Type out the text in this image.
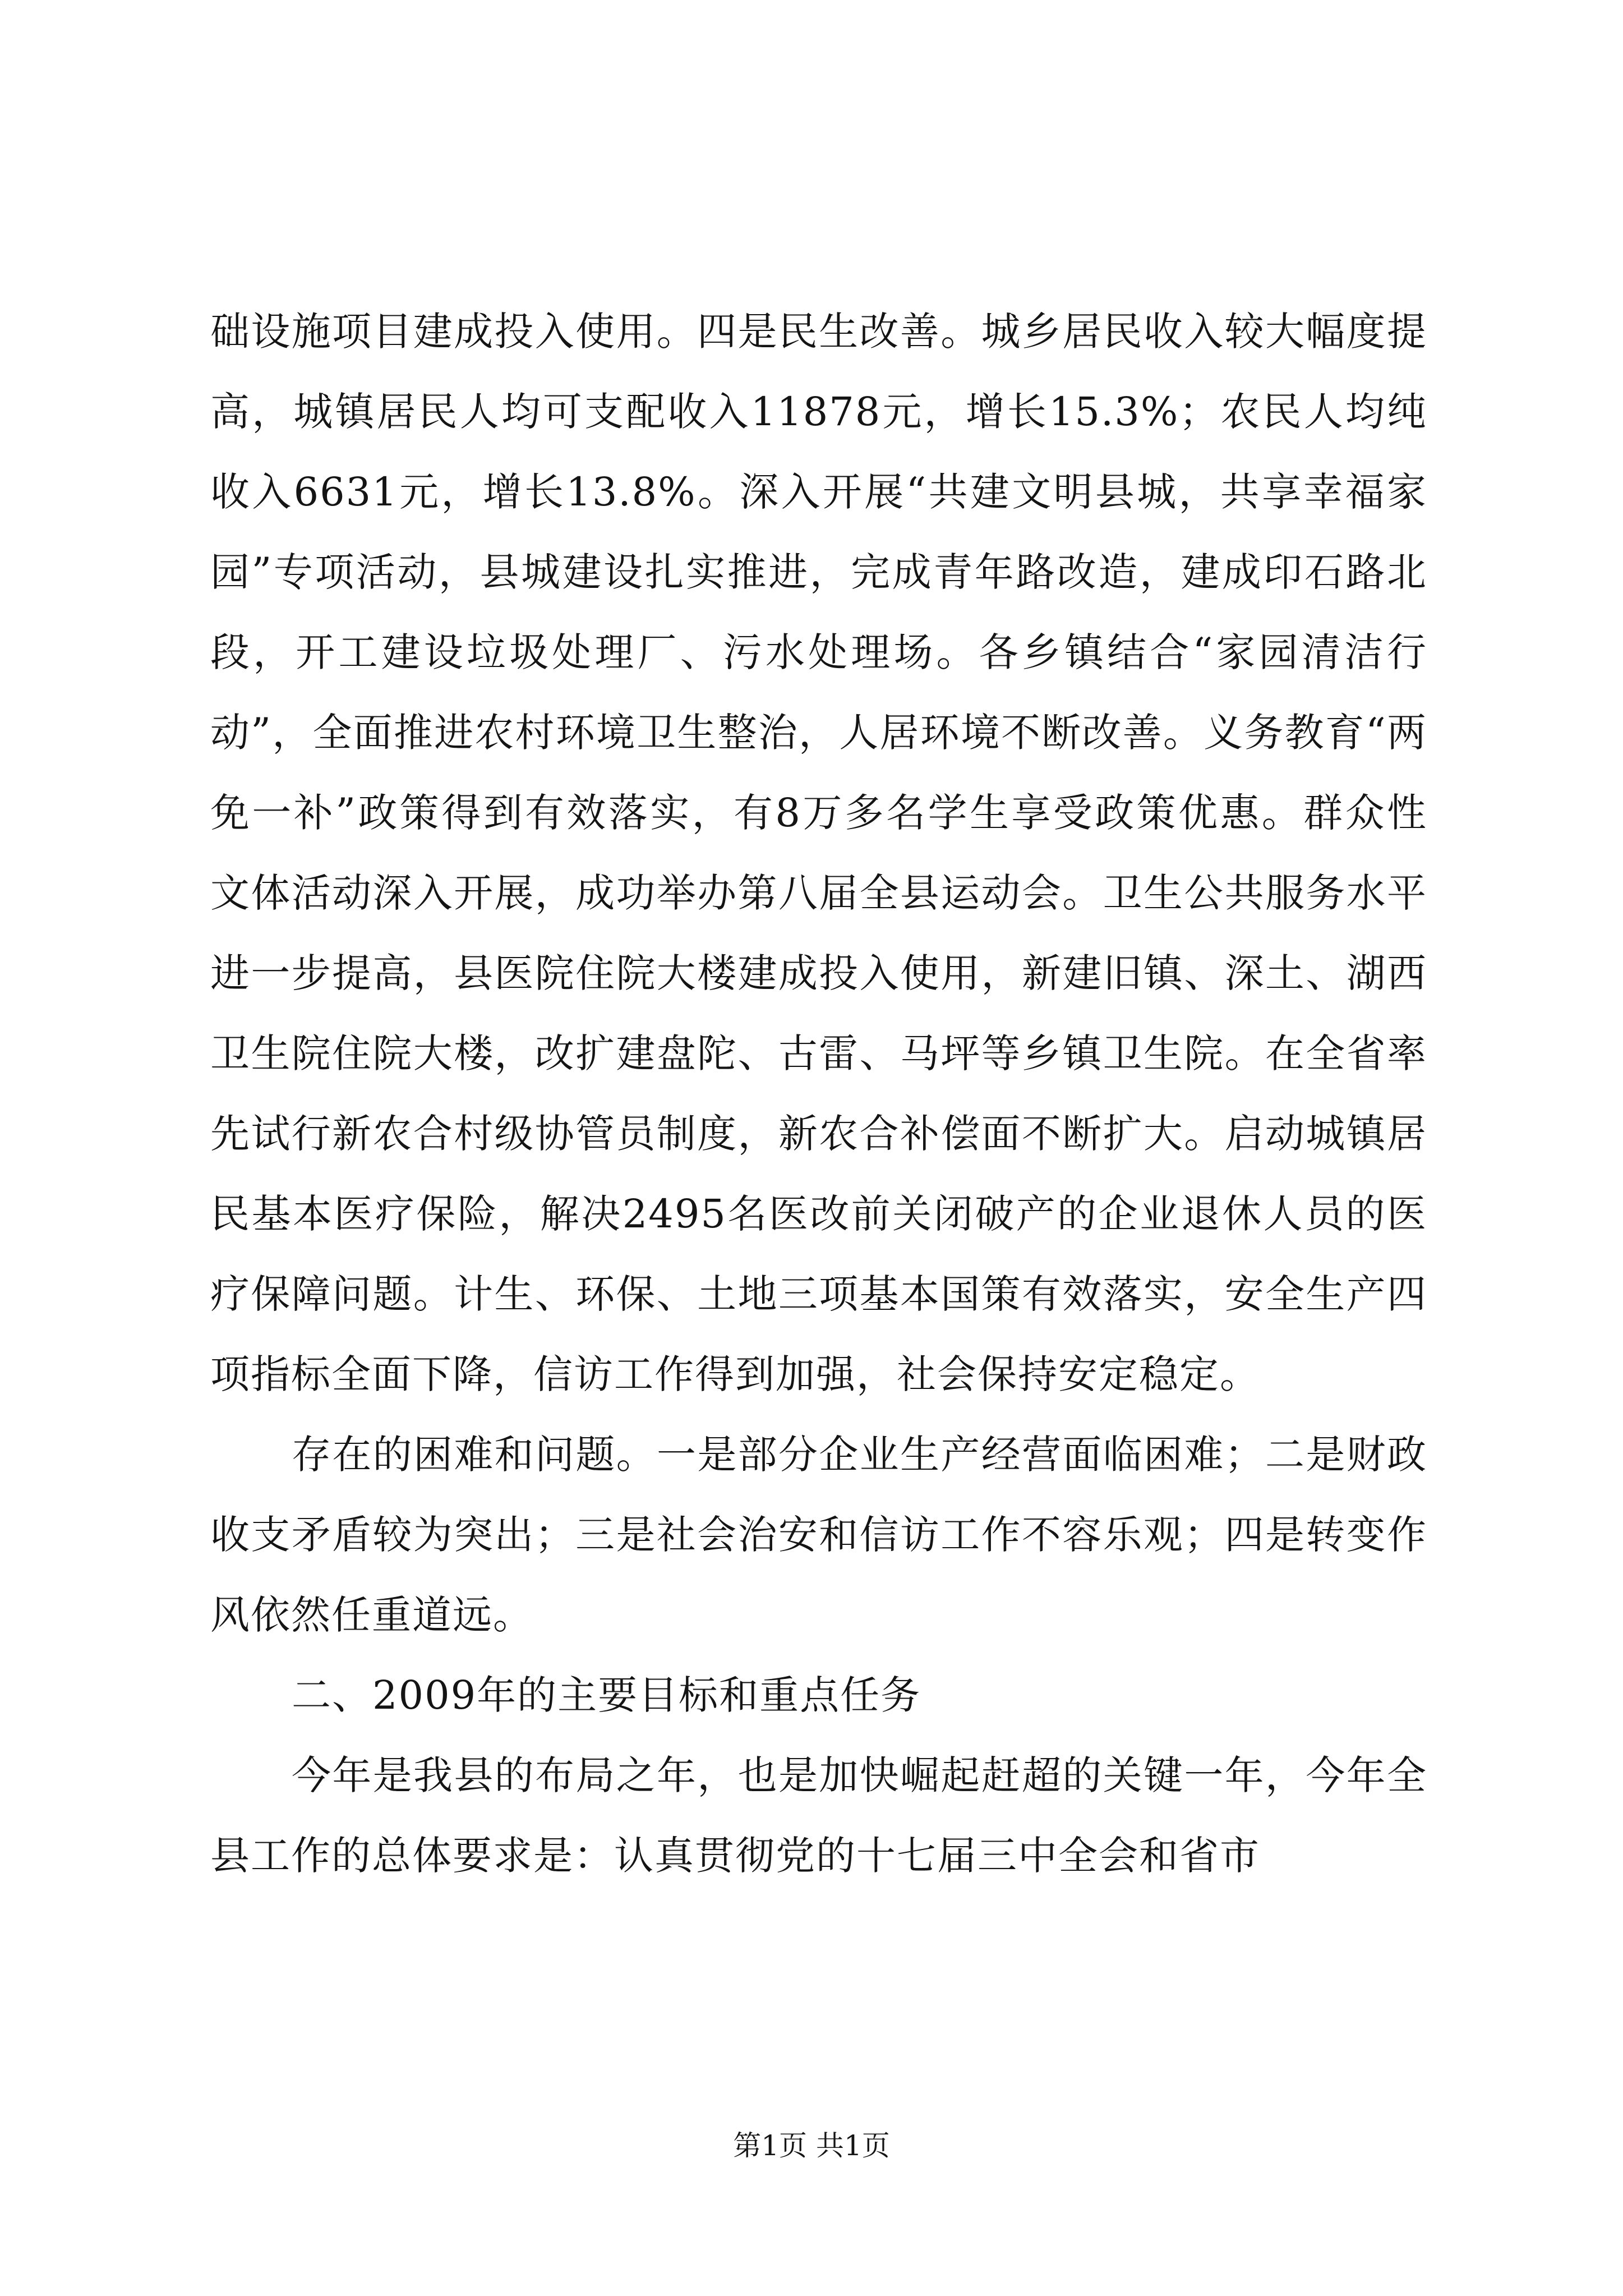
础设施项目建成投入使用。四是民生改善。城乡居民收入较大幅度提高，城镇居民人均可支配收入11878元，增长15.3%；农民人均纯收入6631元，增长13.8%。深入开展“共建文明县城，共享幸福家园”专项活动，县城建设扎实推进，完成青年路改造，建成印石路北段，开工建设垃圾处理厂、污水处理场。各乡镇结合“家园清洁行动”，全面推进农村环境卫生整治，人居环境不断改善。义务教育“两免一补”政策得到有效落实，有8万多名学生享受政策优惠。群众性文体活动深入开展，成功举办第八届全县运动会。卫生公共服务水平进一步提高，县医院住院大楼建成投入使用，新建旧镇、深土、湖西卫生院住院大楼，改扩建盘陀、古雷、马坪等乡镇卫生院。在全省率先试行新农合村级协管员制度，新农合补偿面不断扩大。启动城镇居民基本医疗保险，解决2495名医改前关闭破产的企业退休人员的医疗保障问题。计生、环保、土地三项基本国策有效落实，安全生产四项指标全面下降，信访工作得到加强，社会保持安定稳定。

存在的困难和问题。一是部分企业生产经营面临困难；二是财政收支矛盾较为突出；三是社会治安和信访工作不容乐观；四是转变作风依然任重道远。

二、2009年的主要目标和重点任务

今年是我县的布局之年，也是加快崛起赶超的关键一年，今年全县工作的总体要求是：认真贯彻党的十七届三中全会和省市

第1页 共1页
